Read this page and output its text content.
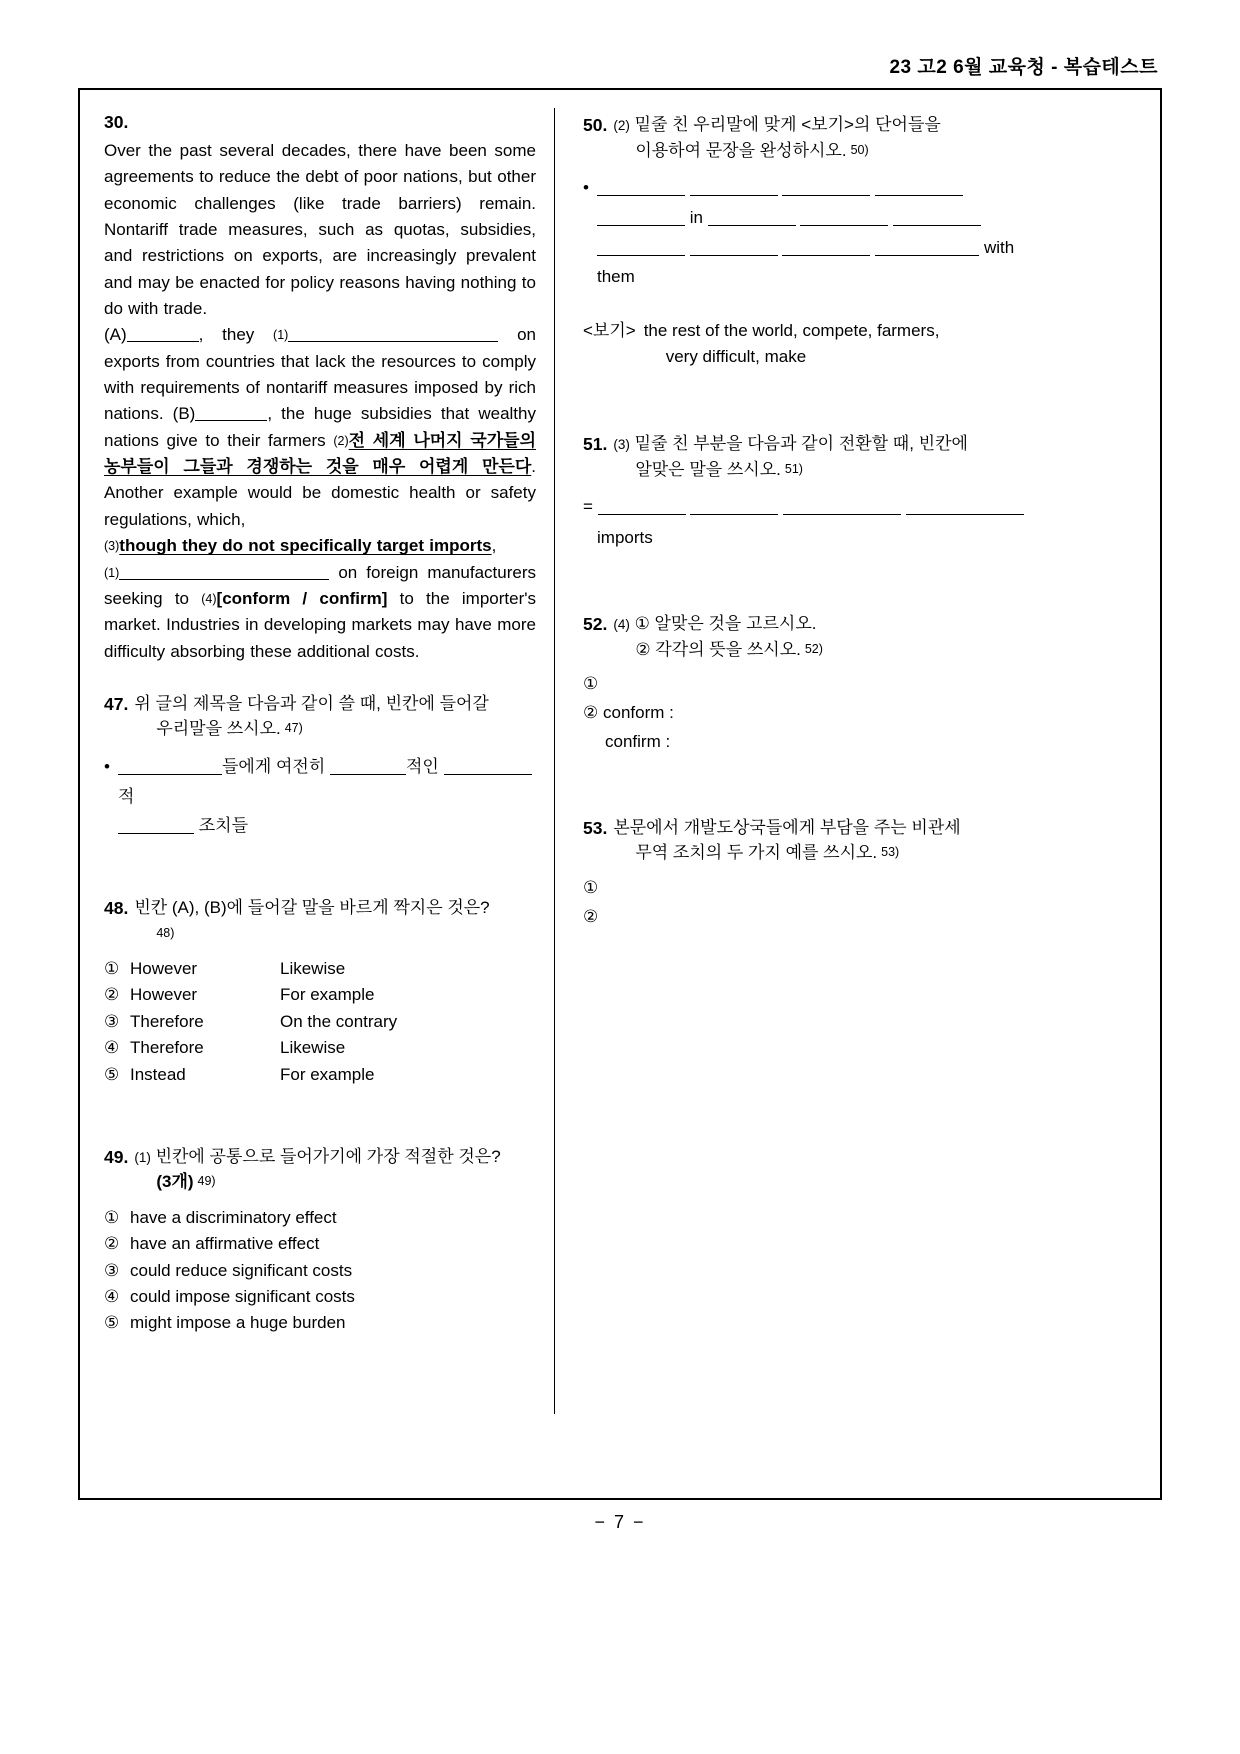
23 고2 6월 교육청 - 복습테스트
30.

Over the past several decades, there have been some agreements to reduce the debt of poor nations, but other economic challenges (like trade barriers) remain. Nontariff trade measures, such as quotas, subsidies, and restrictions on exports, are increasingly prevalent and may be enacted for policy reasons having nothing to do with trade.
(A)	, they (1)	on exports from countries that lack the resources to comply with requirements of nontariff measures imposed by rich nations. (B)	, the huge subsidies that wealthy nations give to their farmers (2)전 세계 나머지 국가들의 농부들이 그들과 경쟁하는 것을 매우 어렵게 만든다. Another example would be domestic health or safety regulations, which,
(3)though they do not specifically target imports,
(1)	on foreign manufacturers seeking to (4)[conform / confirm] to the importer's market. Industries in developing markets may have more difficulty absorbing these additional costs.

47. 위 글의 제목을 다음과 같이 쓸 때, 빈칸에 들어갈
우리말을 쓰시오. 47)
•	들에게 여전히	적인 적
조치들
48. 빈칸 (A), (B)에 들어갈 말을 바르게 짝지은 것은?
48)
① However	Likewise
② However	For example
③ Therefore	On the contrary
④ Therefore	Likewise
⑤ Instead	For example
49. (1) 빈칸에 공통으로 들어가기에 가장 적절한 것은?
(3개) 49)
① have a discriminatory effect
② have an affirmative effect
③ could reduce significant costs
④ could impose significant costs
⑤ might impose a huge burden
50. (2) 밑줄 친 우리말에 맞게 <보기>의 단어들을
이용하여 문장을 완성하시오. 50)
•

in
with
them
<보기> the rest of the world, compete, farmers,
very difficult, make
51. (3) 밑줄 친 부분을 다음과 같이 전환할 때, 빈칸에
알맞은 말을 쓰시오. 51)
=
imports
52. (4) ① 알맞은 것을 고르시오.
② 각각의 뜻을 쓰시오. 52)
①
② conform :
confirm :
53. 본문에서 개발도상국들에게 부담을 주는 비관세
무역 조치의 두 가지 예를 쓰시오. 53)
①
②
− 7 −
